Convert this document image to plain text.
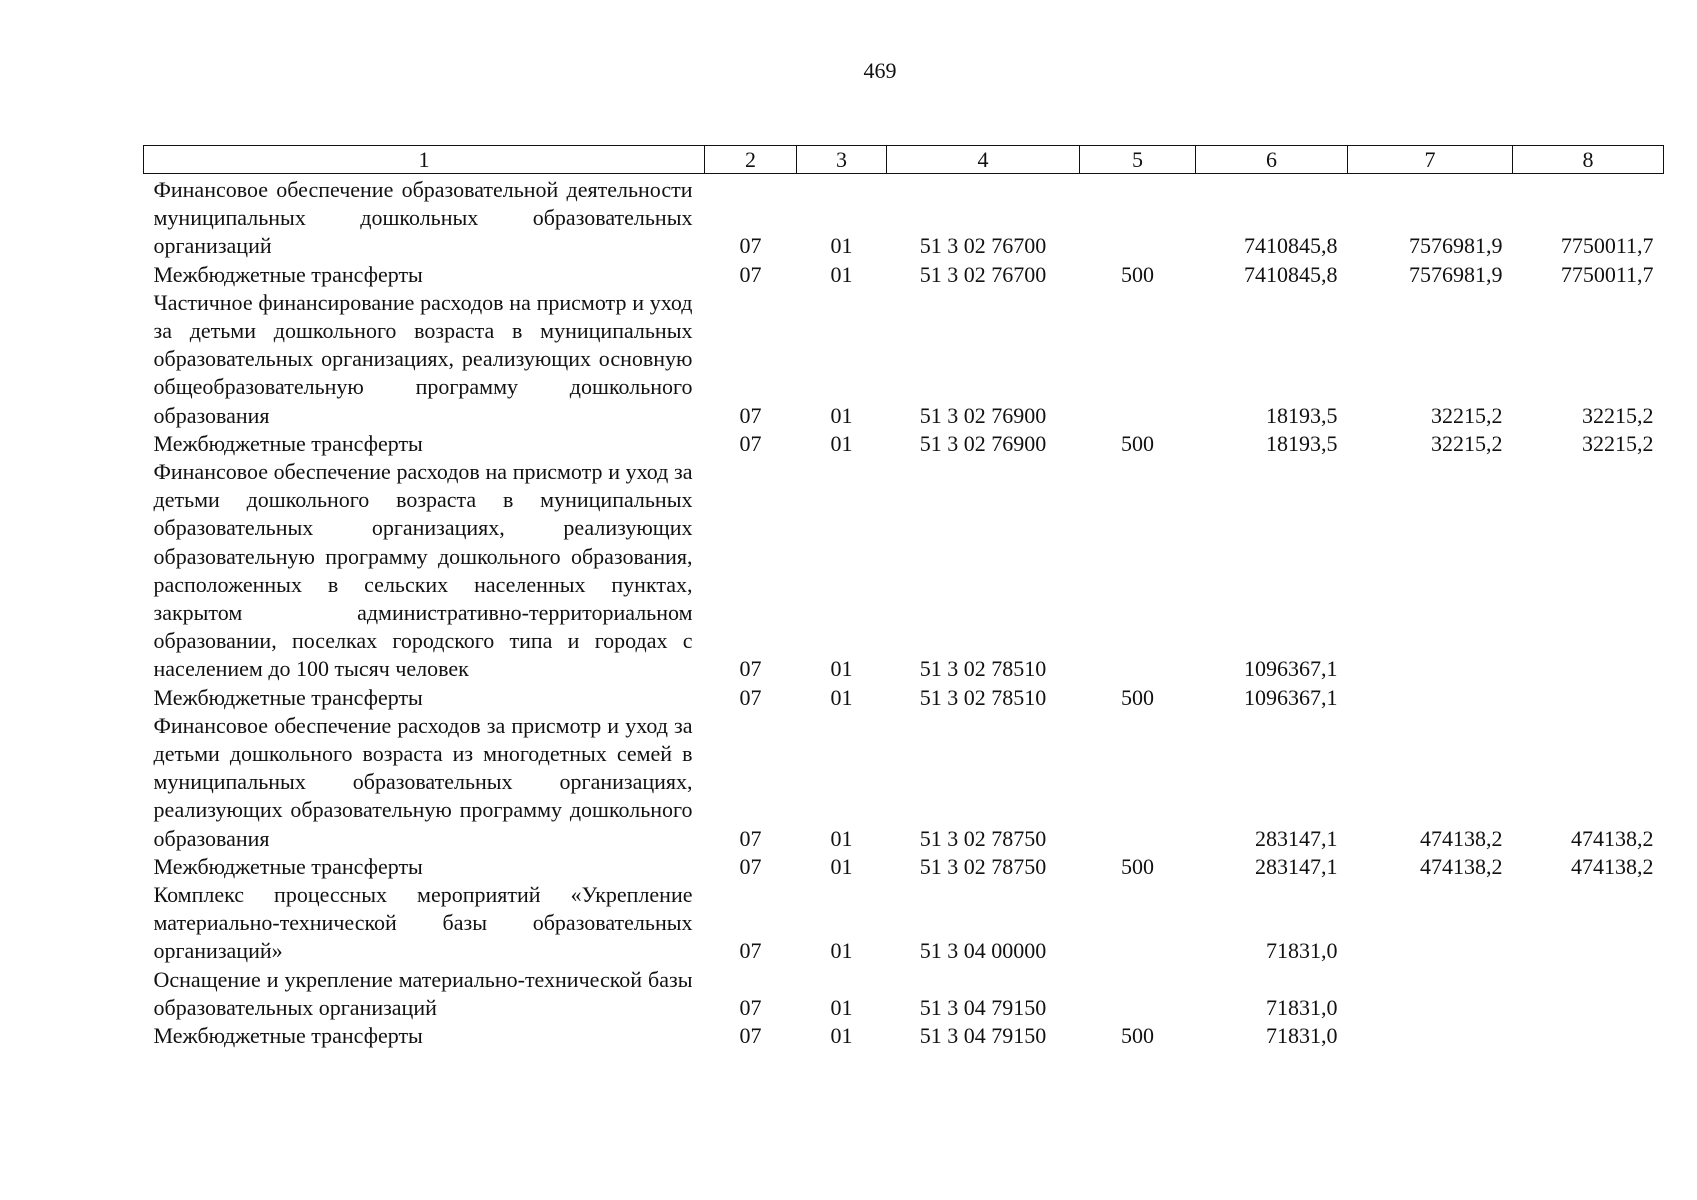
469
1	2	3	4	5	6	7	8

Финансовое обеспечение образовательной деятельности муниципальных дошкольных образовательных организаций	07	01	51 3 02 76700		7410845,8	7576981,9	7750011,7
Межбюджетные трансферты	07	01	51 3 02 76700	500	7410845,8	7576981,9	7750011,7
Частичное финансирование расходов на присмотр и уход за детьми дошкольного возраста в муниципальных образовательных организациях, реализующих основную общеобразовательную программу дошкольного образования	07	01	51 3 02 76900		18193,5	32215,2	32215,2
Межбюджетные трансферты	07	01	51 3 02 76900	500	18193,5	32215,2	32215,2
Финансовое обеспечение расходов на присмотр и уход за детьми дошкольного возраста в муниципальных образовательных организациях, реализующих образовательную программу дошкольного образования, расположенных в сельских населенных пунктах, закрытом административно-территориальном образовании, поселках городского типа и городах с населением до 100 тысяч человек	07	01	51 3 02 78510		1096367,1		
Межбюджетные трансферты	07	01	51 3 02 78510	500	1096367,1		
Финансовое обеспечение расходов за присмотр и уход за детьми дошкольного возраста из многодетных семей в муниципальных образовательных организациях, реализующих образовательную программу дошкольного образования	07	01	51 3 02 78750		283147,1	474138,2	474138,2
Межбюджетные трансферты	07	01	51 3 02 78750	500	283147,1	474138,2	474138,2
Комплекс процессных мероприятий «Укрепление материально-технической базы образовательных организаций»	07	01	51 3 04 00000		71831,0		
Оснащение и укрепление материально-технической базы образовательных организаций	07	01	51 3 04 79150		71831,0		
Межбюджетные трансферты	07	01	51 3 04 79150	500	71831,0		
